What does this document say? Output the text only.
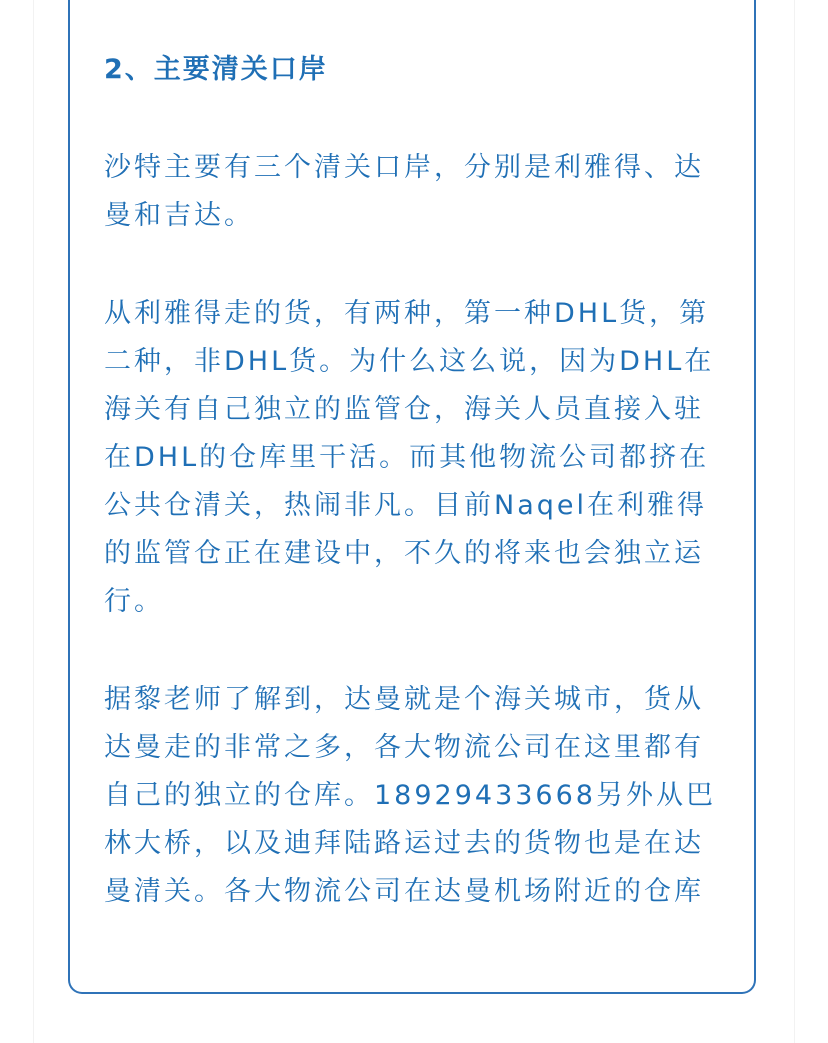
2、主要清关口岸

沙特主要有三个清关口岸，分别是利雅得、达曼和吉达。

从利雅得走的货，有两种，第一种DHL货，第二种，非DHL货。为什么这么说，因为DHL在海关有自己独立的监管仓，海关人员直接入驻在DHL的仓库里干活。而其他物流公司都挤在公共仓清关，热闹非凡。目前Naqel在利雅得的监管仓正在建设中，不久的将来也会独立运行。

据黎老师了解到，达曼就是个海关城市，货从达曼走的非常之多，各大物流公司在这里都有自己的独立的仓库。18929433668另外从巴林大桥，以及迪拜陆路运过去的货物也是在达曼清关。各大物流公司在达曼机场附近的仓库
